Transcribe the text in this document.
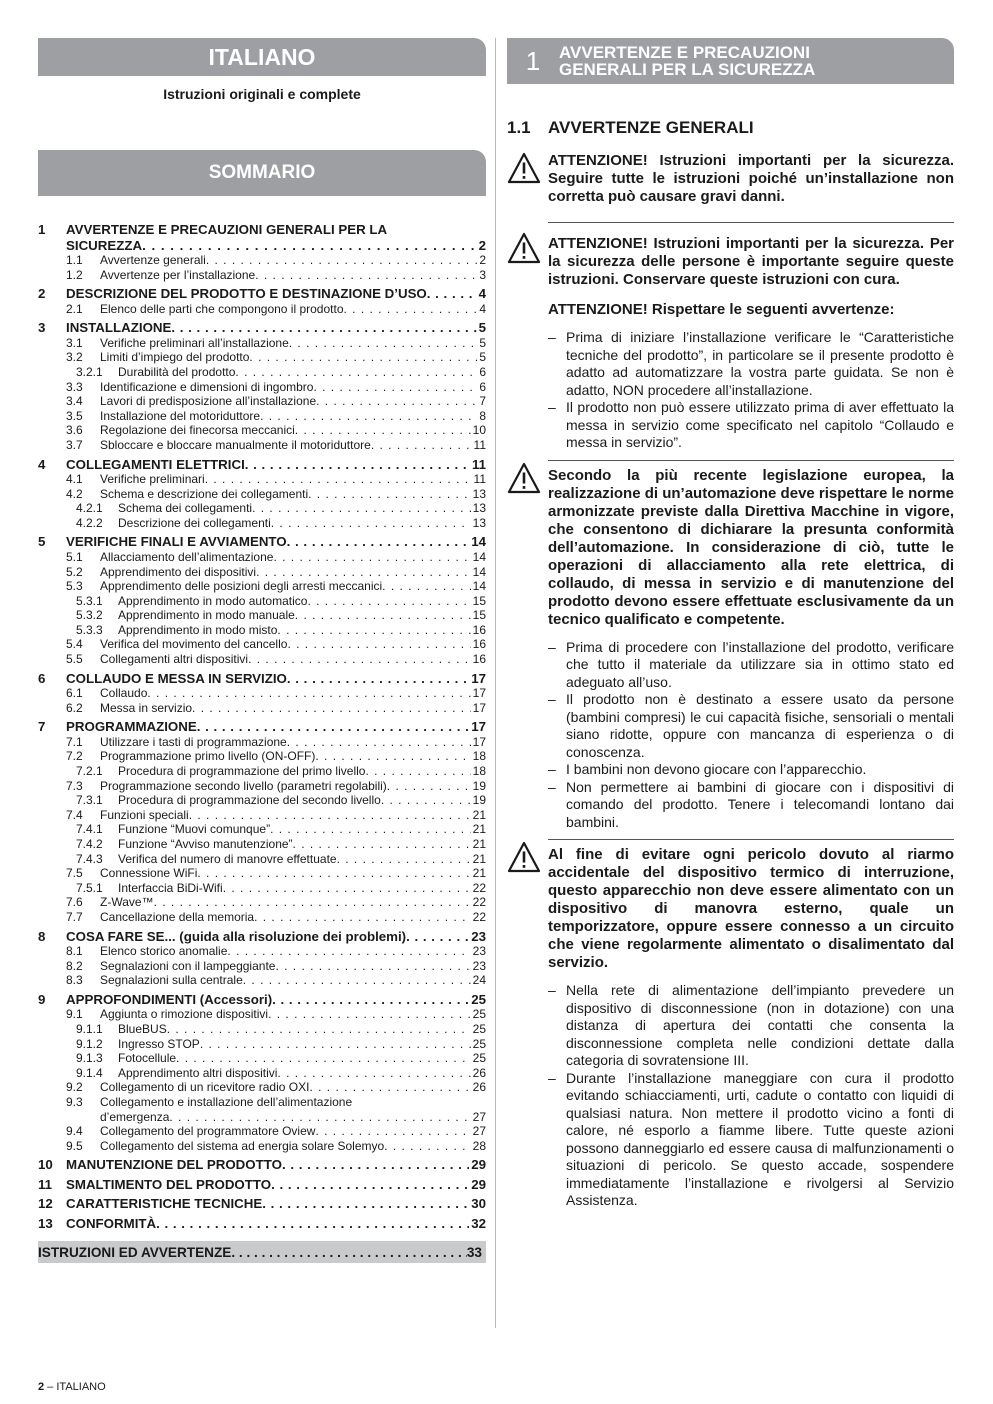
ITALIANO
Istruzioni originali e complete
SOMMARIO
1	AVVERTENZE E PRECAUZIONI GENERALI PER LA
SICUREZZA . . .	2
1.1	Avvertenze generali . . .	2
1.2	Avvertenze per l’installazione . . .	3
2	DESCRIZIONE DEL PRODOTTO E DESTINAZIONE D’USO . . .	4
2.1	Elenco delle parti che compongono il prodotto . . .	4
3	INSTALLAZIONE . . .	5
3.1	Verifiche preliminari all’installazione . . .	5
3.2	Limiti d’impiego del prodotto . . .	5
3.2.1	Durabilità del prodotto . . .	6
3.3	Identificazione e dimensioni di ingombro . . .	6
3.4	Lavori di predisposizione all’installazione . . .	7
3.5	Installazione del motoriduttore . . .	8
3.6	Regolazione dei finecorsa meccanici . . .	10
3.7	Sbloccare e bloccare manualmente il motoriduttore . . .	11
4	COLLEGAMENTI ELETTRICI . . .	11
4.1	Verifiche preliminari . . .	11
4.2	Schema e descrizione dei collegamenti . . .	13
4.2.1	Schema dei collegamenti . . .	13
4.2.2	Descrizione dei collegamenti . . .	13
5	VERIFICHE FINALI E AVVIAMENTO . . .	14
5.1	Allacciamento dell’alimentazione . . .	14
5.2	Apprendimento dei dispositivi . . .	14
5.3	Apprendimento delle posizioni degli arresti meccanici . . .	14
5.3.1	Apprendimento in modo automatico . . .	15
5.3.2	Apprendimento in modo manuale . . .	15
5.3.3	Apprendimento in modo misto . . .	16
5.4	Verifica del movimento del cancello . . .	16
5.5	Collegamenti altri dispositivi . . .	16
6	COLLAUDO E MESSA IN SERVIZIO . . .	17
6.1	Collaudo . . .	17
6.2	Messa in servizio . . .	17
7	PROGRAMMAZIONE . . .	17
7.1	Utilizzare i tasti di programmazione . . .	17
7.2	Programmazione primo livello (ON-OFF) . . .	18
7.2.1	Procedura di programmazione del primo livello . . .	18
7.3	Programmazione secondo livello (parametri regolabili) . . .	19
7.3.1	Procedura di programmazione del secondo livello . . .	19
7.4	Funzioni speciali . . .	21
7.4.1	Funzione “Muovi comunque” . . .	21
7.4.2	Funzione “Avviso manutenzione” . . .	21
7.4.3	Verifica del numero di manovre effettuate . . .	21
7.5	Connessione WiFi . . .	21
7.5.1	Interfaccia BiDi-Wifi . . .	22
7.6	Z-Wave™ . . .	22
7.7	Cancellazione della memoria . . .	22
8	COSA FARE SE... (guida alla risoluzione dei problemi) . . .	23
8.1	Elenco storico anomalie . . .	23
8.2	Segnalazioni con il lampeggiante . . .	23
8.3	Segnalazioni sulla centrale . . .	24
9	APPROFONDIMENTI (Accessori) . . .	25
9.1	Aggiunta o rimozione dispositivi . . .	25
9.1.1	BlueBUS . . .	25
9.1.2	Ingresso STOP . . .	25
9.1.3	Fotocellule . . .	25
9.1.4	Apprendimento altri dispositivi . . .	26
9.2	Collegamento di un ricevitore radio OXI . . .	26
9.3	Collegamento e installazione dell’alimentazione
d’emergenza . . .	27
9.4	Collegamento del programmatore Oview . . .	27
9.5	Collegamento del sistema ad energia solare Solemyo . . .	28
10 MANUTENZIONE DEL PRODOTTO . . .	29
11	SMALTIMENTO DEL PRODOTTO . . .	29
12 CARATTERISTICHE TECNICHE . . .	30
13 CONFORMITÀ . . .	32
ISTRUZIONI ED AVVERTENZE . . .	33
2 – ITALIANO
1	AVVERTENZE E PRECAUZIONI
GENERALI PER LA SICUREZZA
1.1	AVVERTENZE GENERALI

ATTENZIONE! Istruzioni importanti per la sicurezza. Seguire tutte le istruzioni poiché un’installazione non corretta può causare gravi danni.

ATTENZIONE! Istruzioni importanti per la sicurezza. Per la sicurezza delle persone è importante seguire queste istruzioni. Conservare queste istruzioni con cura.

ATTENZIONE! Rispettare le seguenti avvertenze:

– Prima di iniziare l’installazione verificare le “Caratteristiche tecniche del prodotto”, in particolare se il presente prodotto è adatto ad automatizzare la vostra parte guidata. Se non è adatto, NON procedere all’installazione.
– Il prodotto non può essere utilizzato prima di aver effettuato la messa in servizio come specificato nel capitolo “Collaudo e messa in servizio”.

Secondo la più recente legislazione europea, la realizzazione di un’automazione deve rispettare le norme armonizzate previste dalla Direttiva Macchine in vigore, che consentono di dichiarare la presunta conformità dell’automazione. In considerazione di ciò, tutte le operazioni di allacciamento alla rete elettrica, di collaudo, di messa in servizio e di manutenzione del prodotto devono essere effettuate esclusivamente da un tecnico qualificato e competente.

– Prima di procedere con l’installazione del prodotto, verificare che tutto il materiale da utilizzare sia in ottimo stato ed adeguato all’uso.
– Il prodotto non è destinato a essere usato da persone (bambini compresi) le cui capacità fisiche, sensoriali o mentali siano ridotte, oppure con mancanza di esperienza o di conoscenza.
– I bambini non devono giocare con l’apparecchio.
– Non permettere ai bambini di giocare con i dispositivi di comando del prodotto. Tenere i telecomandi lontano dai bambini.

Al fine di evitare ogni pericolo dovuto al riarmo accidentale del dispositivo termico di interruzione, questo apparecchio non deve essere alimentato con un dispositivo di manovra esterno, quale un temporizzatore, oppure essere connesso a un circuito che viene regolarmente alimentato o disalimentato dal servizio.

– Nella rete di alimentazione dell’impianto prevedere un dispositivo di disconnessione (non in dotazione) con una distanza di apertura dei contatti che consenta la disconnessione completa nelle condizioni dettate dalla categoria di sovratensione III.
– Durante l’installazione maneggiare con cura il prodotto evitando schiacciamenti, urti, cadute o contatto con liquidi di qualsiasi natura. Non mettere il prodotto vicino a fonti di calore, né esporlo a fiamme libere. Tutte queste azioni possono danneggiarlo ed essere causa di malfunzionamenti o situazioni di pericolo. Se questo accade, sospendere immediatamente l’installazione e rivolgersi al Servizio Assistenza.
